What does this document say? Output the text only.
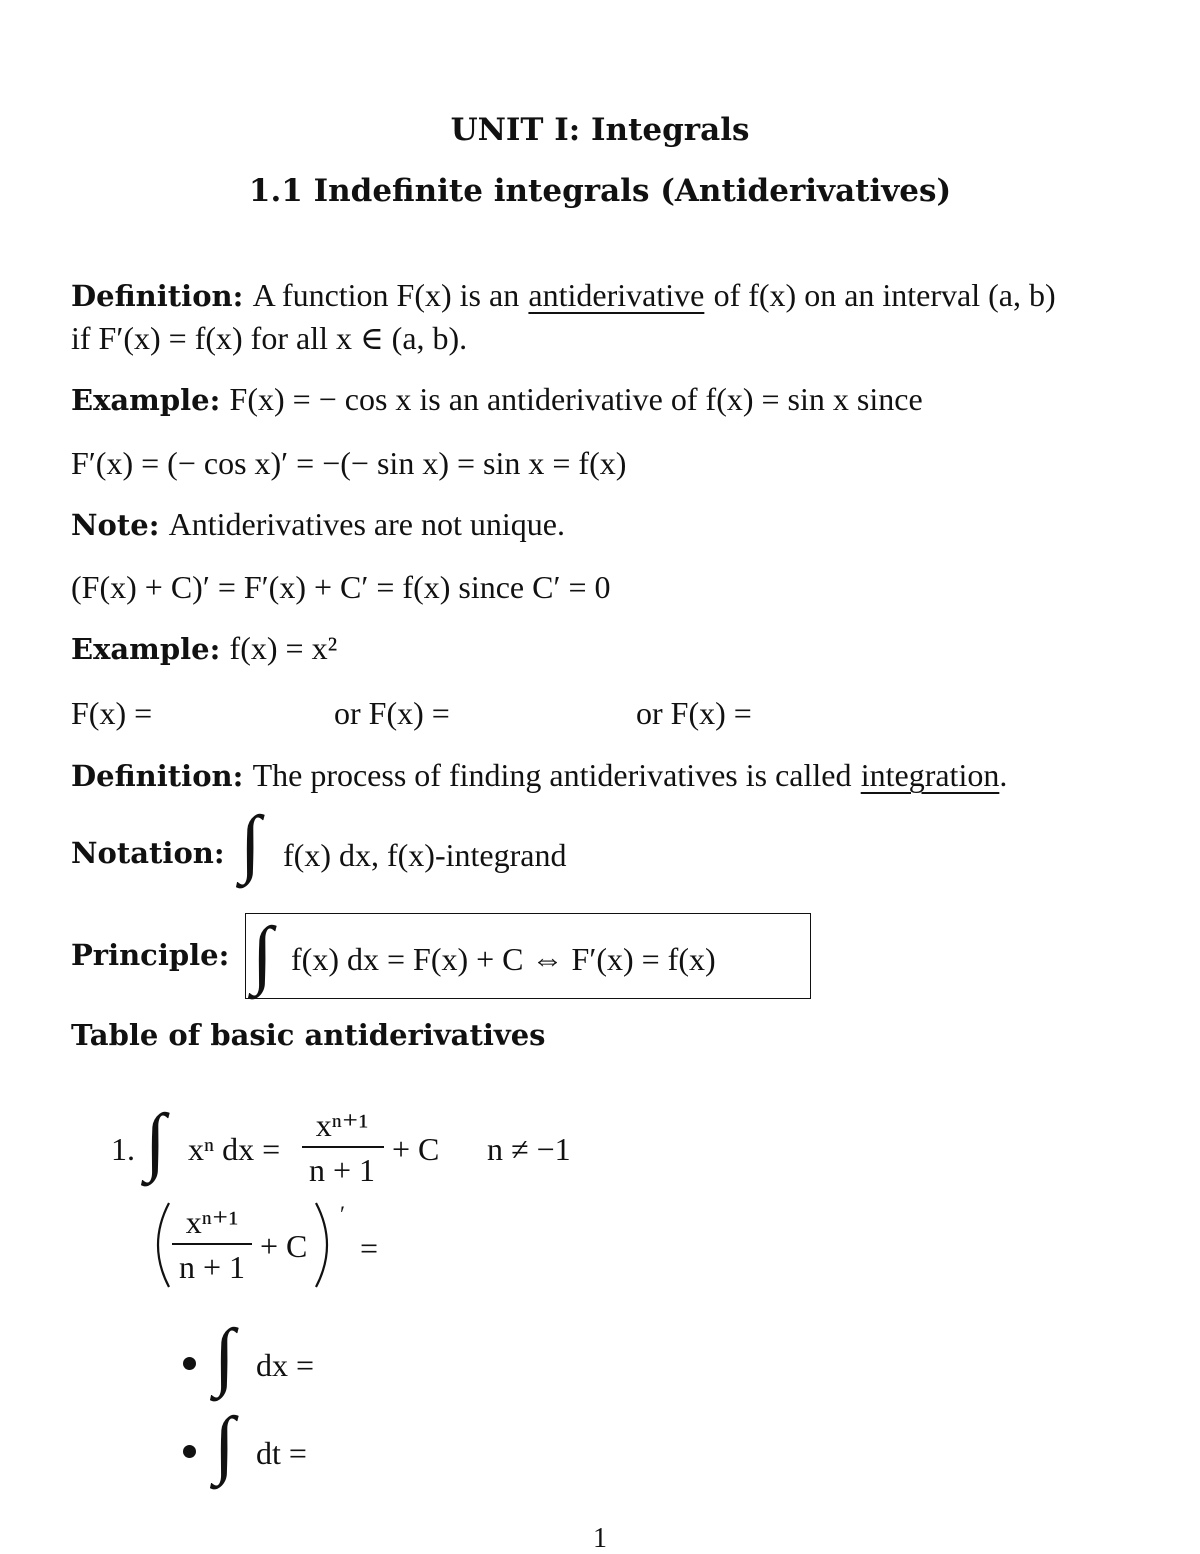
UNIT I: Integrals
1.1 Indefinite integrals (Antiderivatives)
Definition: A function F(x) is an antiderivative of f(x) on an interval (a, b)
if F′(x) = f(x) for all x ∈ (a, b).
Example: F(x) = − cos x is an antiderivative of f(x) = sin x since
F′(x) = (− cos x)′ = −(− sin x) = sin x = f(x)
Note: Antiderivatives are not unique.
(F(x) + C)′ = F′(x) + C′ = f(x) since C′ = 0
Example: f(x) = x²
F(x) =	or F(x) =	or F(x) =
Definition: The process of finding antiderivatives is called integration.
Notation: ∫ f(x) dx, f(x)-integrand
Principle: ∫ f(x) dx = F(x) + C ⇔ F′(x) = f(x)
Table of basic antiderivatives
1. ∫ xⁿ dx =
xⁿ⁺¹
n + 1
+ C n ≠ −1
xⁿ⁺¹
n + 1
+ C
′
=
∫ dx =
∫ dt =
1
